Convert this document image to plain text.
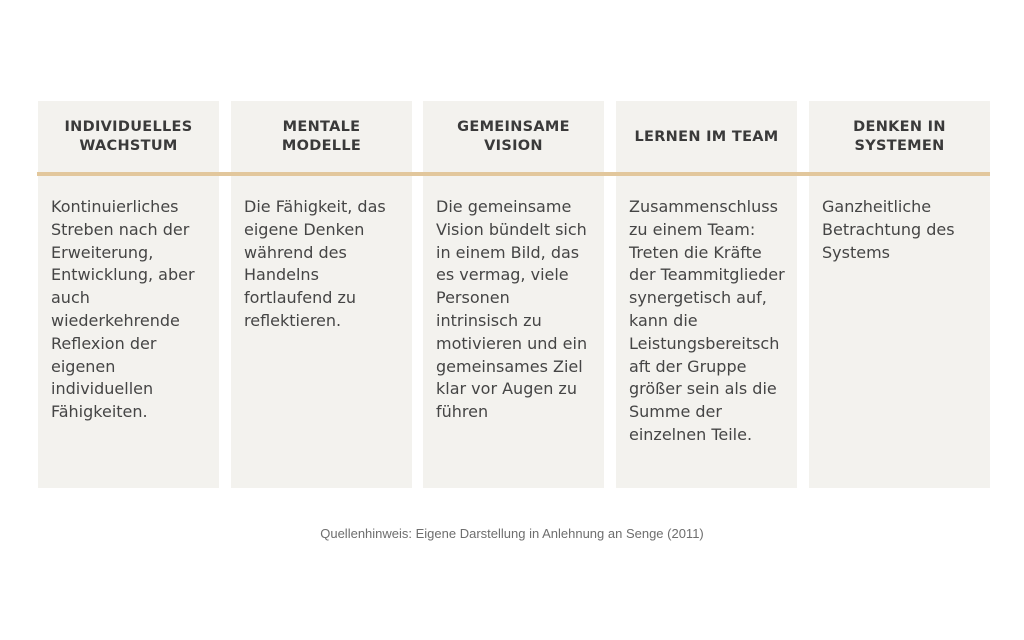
INDIVIDUELLES WACHSTUM
MENTALE MODELLE
GEMEINSAME VISION
LERNEN IM TEAM
DENKEN IN SYSTEMEN
Kontinuierliches Streben nach der Erweiterung, Entwicklung, aber auch wiederkehrende Reflexion der eigenen individuellen Fähigkeiten.
Die Fähigkeit, das eigene Denken während des Handelns fortlaufend zu reflektieren.
Die gemeinsame Vision bündelt sich in einem Bild, das es vermag, viele Personen intrinsisch zu motivieren und ein gemeinsames Ziel klar vor Augen zu führen
Zusammenschluss zu einem Team: Treten die Kräfte der Teammitglieder synergetisch auf, kann die Leistungsbereitschaft der Gruppe größer sein als die Summe der einzelnen Teile.
Ganzheitliche Betrachtung des Systems
Quellenhinweis: Eigene Darstellung in Anlehnung an Senge (2011)
